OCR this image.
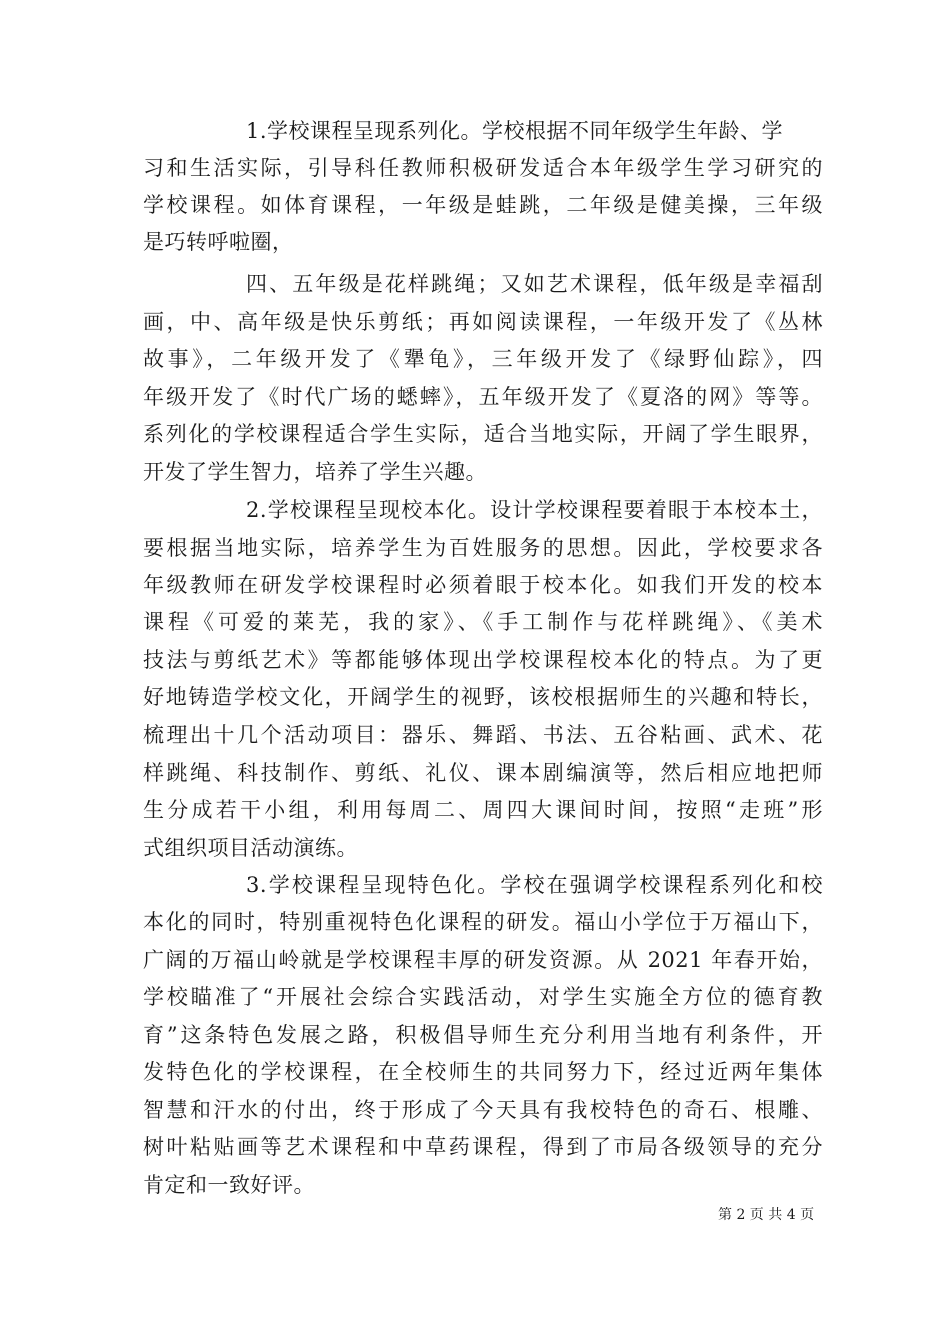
1.学校课程呈现系列化。学校根据不同年级学生年龄、学
习和生活实际，引导科任教师积极研发适合本年级学生学习研究的
学校课程。如体育课程，一年级是蛙跳，二年级是健美操，三年级
是巧转呼啦圈，
四、五年级是花样跳绳；又如艺术课程，低年级是幸福刮
画，中、高年级是快乐剪纸；再如阅读课程，一年级开发了《丛林
故事》，二年级开发了《犟龟》，三年级开发了《绿野仙踪》，四
年级开发了《时代广场的蟋蟀》，五年级开发了《夏洛的网》等等。
系列化的学校课程适合学生实际，适合当地实际，开阔了学生眼界，
开发了学生智力，培养了学生兴趣。
2.学校课程呈现校本化。设计学校课程要着眼于本校本土，
要根据当地实际，培养学生为百姓服务的思想。因此，学校要求各
年级教师在研发学校课程时必须着眼于校本化。如我们开发的校本
课程《可爱的莱芜，我的家》、《手工制作与花样跳绳》、《美术
技法与剪纸艺术》等都能够体现出学校课程校本化的特点。为了更
好地铸造学校文化，开阔学生的视野，该校根据师生的兴趣和特长，
梳理出十几个活动项目：器乐、舞蹈、书法、五谷粘画、武术、花
样跳绳、科技制作、剪纸、礼仪、课本剧编演等，然后相应地把师
生分成若干小组，利用每周二、周四大课间时间，按照“走班”形
式组织项目活动演练。
3.学校课程呈现特色化。学校在强调学校课程系列化和校
本化的同时，特别重视特色化课程的研发。福山小学位于万福山下，
广阔的万福山岭就是学校课程丰厚的研发资源。从 2021 年春开始，
学校瞄准了“开展社会综合实践活动，对学生实施全方位的德育教
育”这条特色发展之路，积极倡导师生充分利用当地有利条件，开
发特色化的学校课程，在全校师生的共同努力下，经过近两年集体
智慧和汗水的付出，终于形成了今天具有我校特色的奇石、根雕、
树叶粘贴画等艺术课程和中草药课程，得到了市局各级领导的充分
肯定和一致好评。
第 2 页 共 4 页
